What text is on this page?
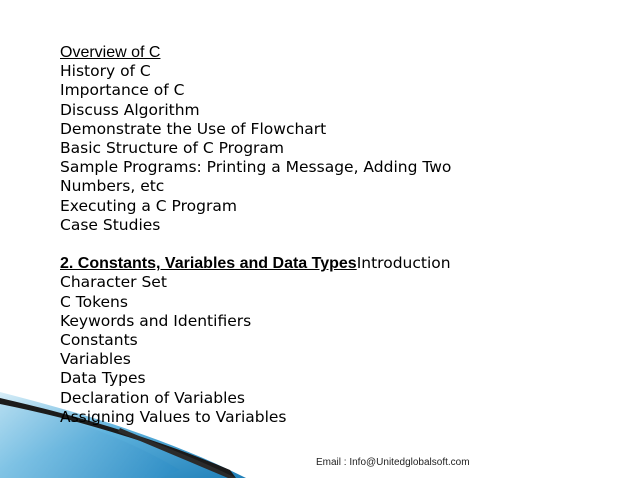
Overview of C
History of C
Importance of C
Discuss Algorithm
Demonstrate the Use of Flowchart
Basic Structure of C Program
Sample Programs: Printing a Message, Adding Two
Numbers, etc
Executing a C Program
Case Studies
2. Constants, Variables and Data TypesIntroduction
Character Set
C Tokens
Keywords and Identifiers
Constants
Variables
Data Types
Declaration of Variables
Assigning Values to Variables
Email : Info@Unitedglobalsoft.com
